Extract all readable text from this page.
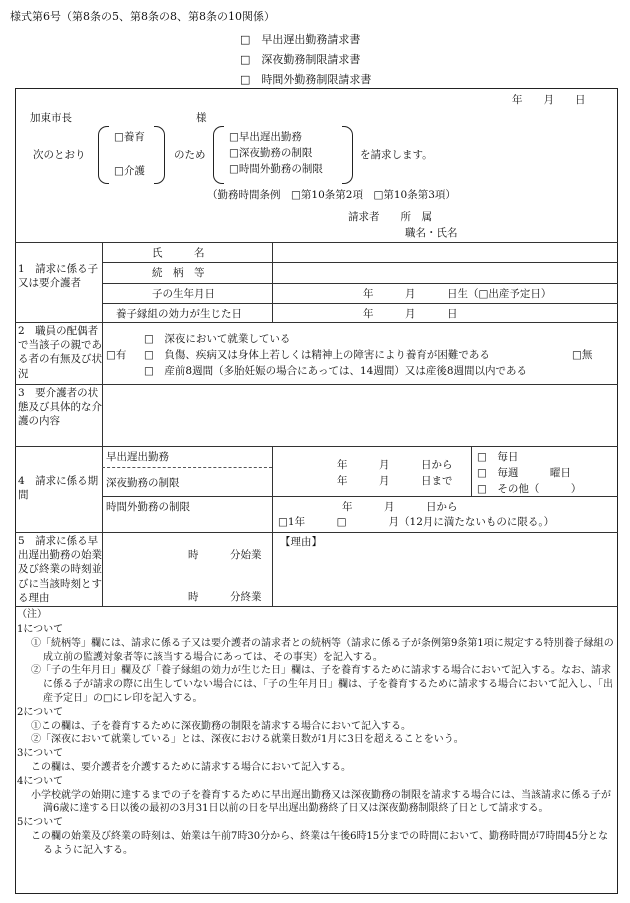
様式第6号（第8条の5、第8条の8、第8条の10関係）
□　早出遅出勤務請求書
□　深夜勤務制限請求書
□　時間外勤務制限請求書
年　　月　　日
加東市長	様
次のとおり
□養育
□介護
のため
□早出遅出勤務
□深夜勤務の制限
□時間外勤務の制限
を請求します。
（勤務時間条例　□第10条第2項　□第10条第3項）
請求者　　所　属
職名・氏名
1　請求に係る子又は要介護者
氏　　　名
続　柄　等
子の生年月日
養子縁組の効力が生じた日
年　　　月　　　日生（□出産予定日）
年　　　月　　　日
2　職員の配偶者で当該子の親である者の有無及び状況
□有
□　深夜において就業している
□　負傷、疾病又は身体上若しくは精神上の障害により養育が困難である
□　産前8週間（多胎妊娠の場合にあっては、14週間）又は産後8週間以内である
□無
3　要介護者の状態及び具体的な介護の内容
4　請求に係る期間
早出遅出勤務
深夜勤務の制限
時間外勤務の制限
年　　　月　　　日から
年　　　月　　　日まで
□　毎日
□　毎週　　　曜日
□　その他（　　　）
年　　　月　　　日から
□1年　　　□　　　　月（12月に満たないものに限る。）
5　請求に係る早出遅出勤務の始業及び終業の時刻並びに当該時刻とする理由
時　　　分始業
時　　　分終業
【理由】
（注）

1について

①「続柄等」欄には、請求に係る子又は要介護者の請求者との続柄等（請求に係る子が条例第9条第1項に規定する特別養子縁組の成立前の監護対象者等に該当する場合にあっては、その事実）を記入する。

②「子の生年月日」欄及び「養子縁組の効力が生じた日」欄は、子を養育するために請求する場合において記入する。なお、請求に係る子が請求の際に出生していない場合には、「子の生年月日」欄は、子を養育するために請求する場合において記入し、「出産予定日」の□にレ印を記入する。

2について

①この欄は、子を養育するために深夜勤務の制限を請求する場合において記入する。

②「深夜において就業している」とは、深夜における就業日数が1月に3日を超えることをいう。

3について

この欄は、要介護者を介護するために請求する場合において記入する。

4について

小学校就学の始期に達するまでの子を養育するために早出遅出勤務又は深夜勤務の制限を請求する場合には、当該請求に係る子が満6歳に達する日以後の最初の3月31日以前の日を早出遅出勤務終了日又は深夜勤務制限終了日として請求する。

5について

この欄の始業及び終業の時刻は、始業は午前7時30分から、終業は午後6時15分までの時間において、勤務時間が7時間45分となるように記入する。
